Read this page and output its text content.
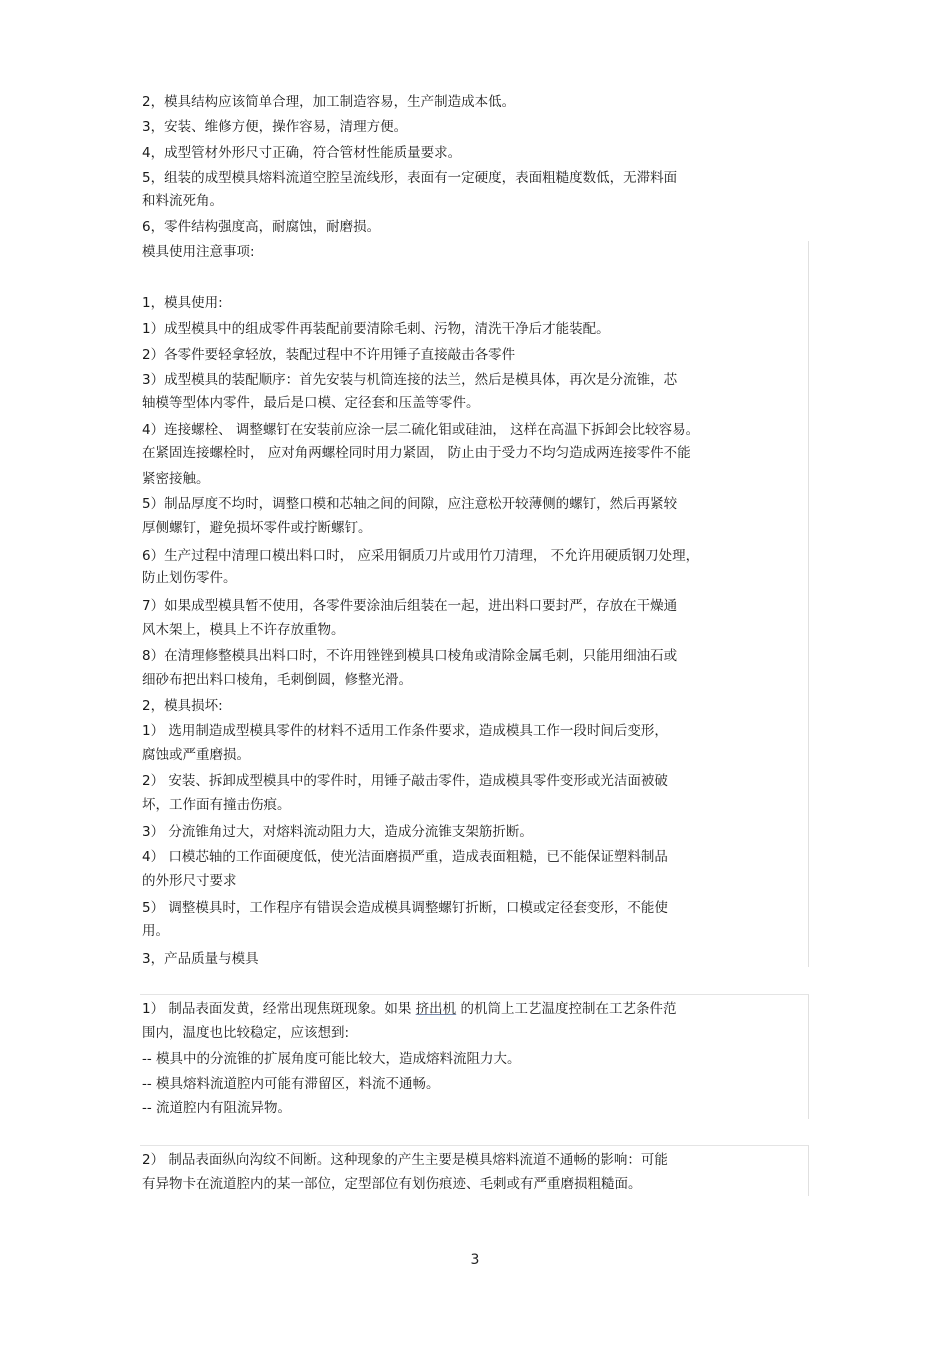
2，模具结构应该简单合理，加工制造容易，生产制造成本低。
3，安装、维修方便，操作容易，清理方便。
4，成型管材外形尺寸正确，符合管材性能质量要求。
5，组装的成型模具熔料流道空腔呈流线形，表面有一定硬度，表面粗糙度数低，无滞料面
和料流死角。
6，零件结构强度高，耐腐蚀，耐磨损。
模具使用注意事项:
1，模具使用:
1）成型模具中的组成零件再装配前要清除毛刺、污物，清洗干净后才能装配。
2）各零件要轻拿轻放，装配过程中不许用锤子直接敲击各零件
3）成型模具的装配顺序：首先安装与机筒连接的法兰，然后是模具体，再次是分流锥，芯
轴模等型体内零件，最后是口模、定径套和压盖等零件。
4）连接螺栓、 调整螺钉在安装前应涂一层二硫化钼或硅油， 这样在高温下拆卸会比较容易。
在紧固连接螺栓时， 应对角两螺栓同时用力紧固， 防止由于受力不均匀造成两连接零件不能
紧密接触。
5）制品厚度不均时，调整口模和芯轴之间的间隙，应注意松开较薄侧的螺钉，然后再紧较
厚侧螺钉，避免损坏零件或拧断螺钉。
6）生产过程中清理口模出料口时， 应采用铜质刀片或用竹刀清理， 不允许用硬质钢刀处理，
防止划伤零件。
7）如果成型模具暂不使用，各零件要涂油后组装在一起，进出料口要封严，存放在干燥通
风木架上，模具上不许存放重物。
8）在清理修整模具出料口时，不许用锉锉到模具口棱角或清除金属毛刺，只能用细油石或
细砂布把出料口棱角，毛刺倒圆，修整光滑。
2，模具损坏:
1） 选用制造成型模具零件的材料不适用工作条件要求，造成模具工作一段时间后变形，
腐蚀或严重磨损。
2） 安装、拆卸成型模具中的零件时，用锤子敲击零件，造成模具零件变形或光洁面被破
坏，工作面有撞击伤痕。
3） 分流锥角过大，对熔料流动阻力大，造成分流锥支架筋折断。
4） 口模芯轴的工作面硬度低，使光洁面磨损严重，造成表面粗糙，已不能保证塑料制品
的外形尺寸要求
5） 调整模具时，工作程序有错误会造成模具调整螺钉折断，口模或定径套变形，不能使
用。
3，产品质量与模具
1） 制品表面发黄，经常出现焦斑现象。如果 挤出机 的机筒上工艺温度控制在工艺条件范
围内，温度也比较稳定，应该想到:
-- 模具中的分流锥的扩展角度可能比较大，造成熔料流阻力大。
-- 模具熔料流道腔内可能有滞留区，料流不通畅。
-- 流道腔内有阻流异物。
2） 制品表面纵向沟纹不间断。这种现象的产生主要是模具熔料流道不通畅的影响：可能
有异物卡在流道腔内的某一部位，定型部位有划伤痕迹、毛刺或有严重磨损粗糙面。
3
